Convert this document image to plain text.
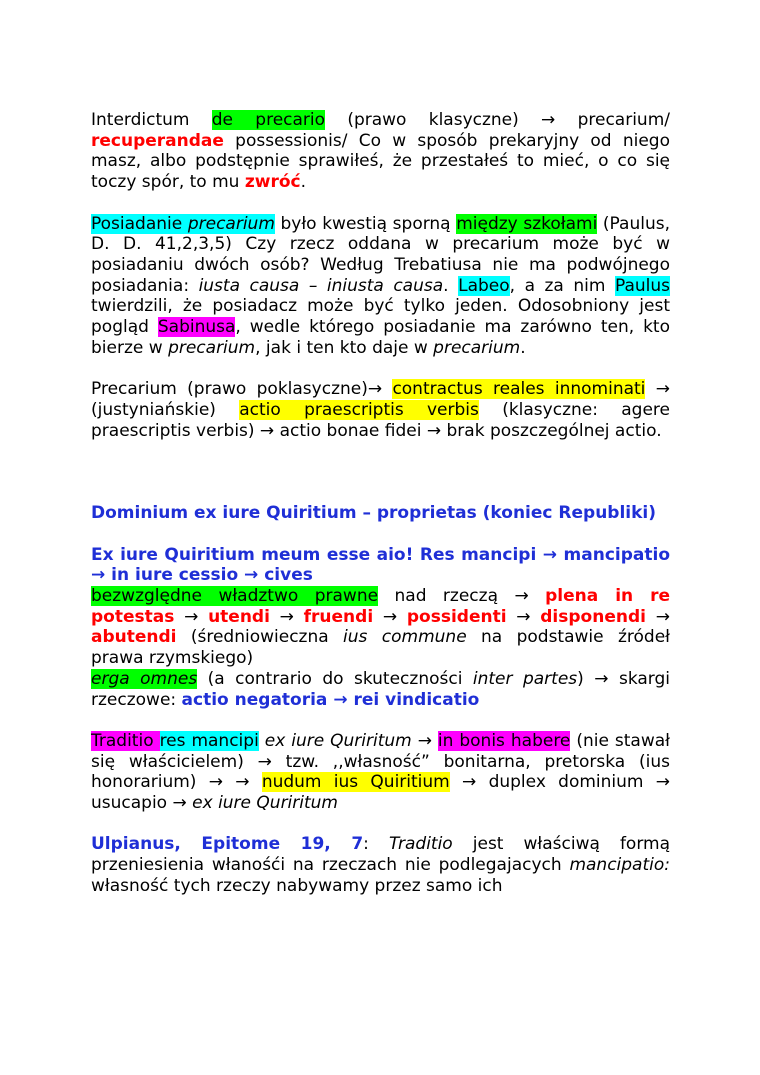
Interdictum de precario (prawo klasyczne) → precarium/ recuperandae possessionis/ Co w sposób prekaryjny od niego masz, albo podstępnie sprawiłeś, że przestałeś to mieć, o co się toczy spór, to mu zwróć.

Posiadanie precarium było kwestią sporną między szkołami (Paulus, D. D. 41,2,3,5) Czy rzecz oddana w precarium może być w posiadaniu dwóch osób? Według Trebatiusa nie ma podwójnego posiadania: iusta causa – iniusta causa. Labeo, a za nim Paulus twierdzili, że posiadacz może być tylko jeden. Odosobniony jest pogląd Sabinusa, wedle którego posiadanie ma zarówno ten, kto bierze w precarium, jak i ten kto daje w precarium.

Precarium (prawo poklasyczne)→ contractus reales innominati → (justyniańskie) actio praescriptis verbis (klasyczne: agere praescriptis verbis) → actio bonae fidei → brak poszczególnej actio.

Dominium ex iure Quiritium – proprietas (koniec Republiki)

Ex iure Quiritium meum esse aio! Res mancipi → mancipatio → in iure cessio → cives

bezwzględne władztwo prawne nad rzeczą → plena in re potestas → utendi → fruendi → possidenti → disponendi → abutendi (średniowieczna ius commune na podstawie źródeł prawa rzymskiego)

erga omnes (a contrario do skuteczności inter partes) → skargi rzeczowe: actio negatoria → rei vindicatio

Traditio res mancipi ex iure Quriritum → in bonis habere (nie stawał się właścicielem) → tzw. ,,własność” bonitarna, pretorska (ius honorarium) → → nudum ius Quiritium → duplex dominium → usucapio → ex iure Quriritum

Ulpianus, Epitome 19, 7: Traditio jest właściwą formą przeniesienia włanośći na rzeczach nie podlegajacych mancipatio: własność tych rzeczy nabywamy przez samo ich
